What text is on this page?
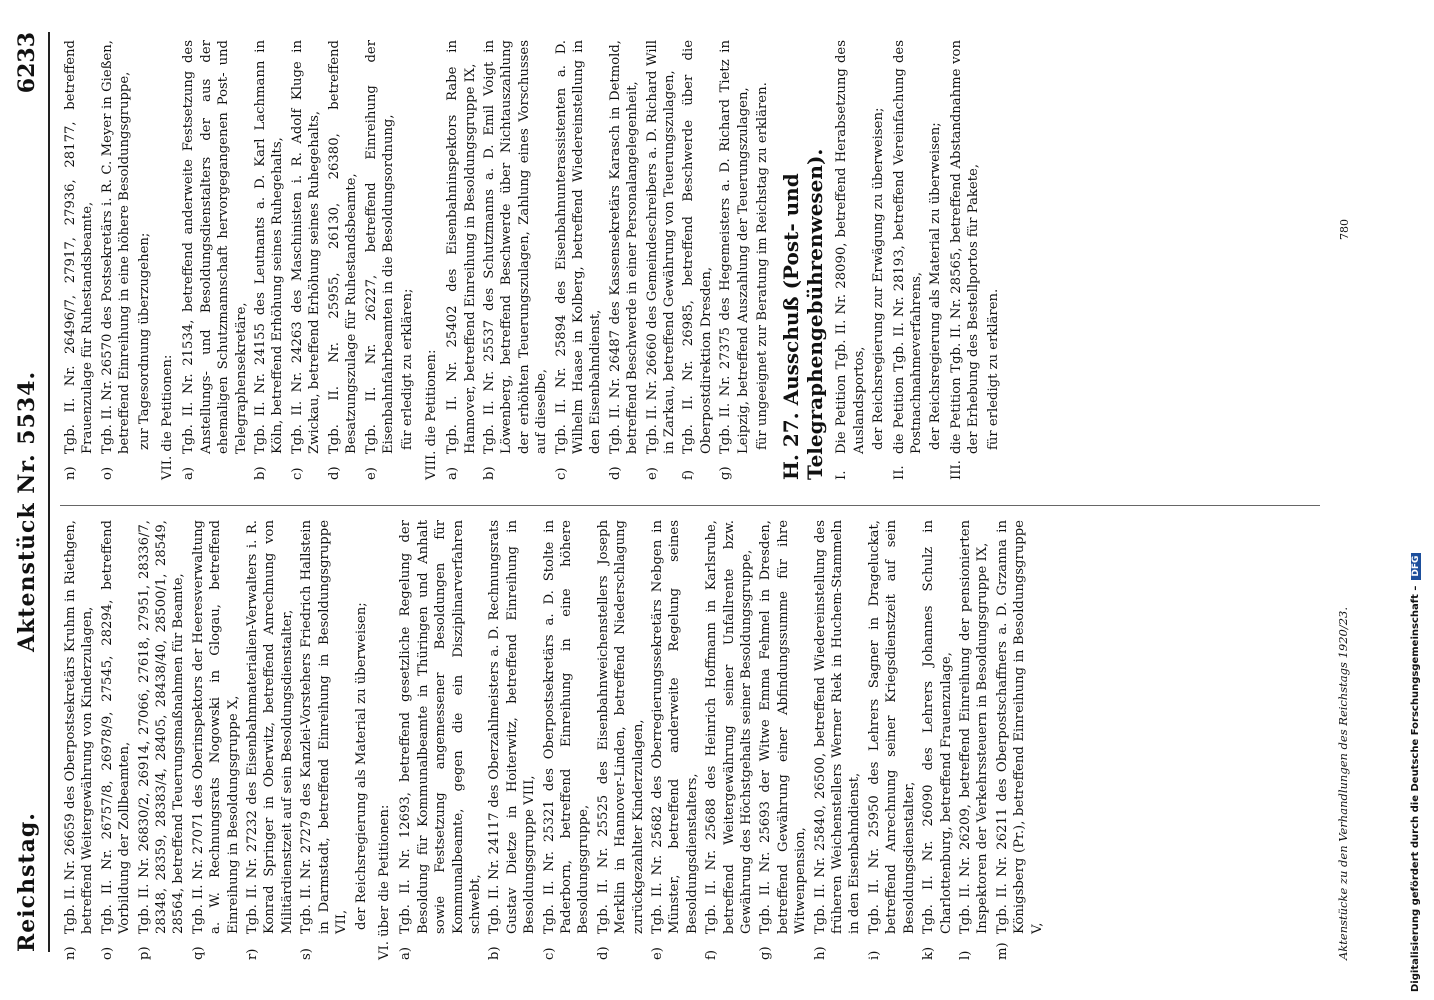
Reichstag.
Aktenstück Nr. 5534.
6233
n)
Tgb. II. Nr. 26659 des Oberpostsekretärs Kruhm in Riethgen, betreffend Weitergewährung von Kinderzulagen,
o)
Tgb. II. Nr. 26757/8, 26978/9, 27545, 28294, betreffend Vorbildung der Zollbeamten,
p)
Tgb. II. Nr. 26830/2, 26914, 27066, 27618, 27951, 28336/7, 28348, 28359, 28383/4, 28405, 28438/40, 28500/1, 28549, 28564, betreffend Teuerungsmaßnahmen für Beamte,
q)
Tgb. II. Nr. 27071 des Oberinspektors der Heeresverwaltung a. W. Rechnungsrats Nogowski in Glogau, betreffend Einreihung in Besoldungsgruppe X,
r)
Tgb. II. Nr. 27232 des Eisenbahnmaterialien-Verwalters i. R. Konrad Springer in Oberwitz, betreffend Anrechnung von Militärdienstzeit auf sein Besoldungsdienstalter,
s)
Tgb. II. Nr. 27279 des Kanzlei-Vorstehers Friedrich Hallstein in Darmstadt, betreffend Einreihung in Besoldungsgruppe VII, der Reichsregierung als Material zu überweisen; VI. über die Petitionen: a)
Tgb. II. Nr. 12693, betreffend gesetzliche Regelung der Besoldung für Kommunalbeamte in Thüringen und Anhalt sowie Festsetzung angemessener Besoldungen für Kommunalbeamte, gegen die ein Disziplinarverfahren schwebt,
b)
Tgb. II. Nr. 24117 des Oberzahlmeisters a. D. Rechnungsrats Gustav Dietze in Hoiterwitz, betreffend Einreihung in Besoldungsgruppe VIII,
c)
Tgb. II. Nr. 25321 des Oberpostsekretärs a. D. Stolte in Paderborn, betreffend Einreihung in eine höhere Besoldungsgruppe,
d)
Tgb. II. Nr. 25525 des Eisenbahnweichenstellers Joseph Merklin in Hannover-Linden, betreffend Niederschlagung zurückgezahlter Kinderzulagen,
e)
Tgb. II. Nr. 25682 des Oberregierungssekretärs Nebgen in Münster, betreffend anderweite Regelung seines Besoldungsdienstalters,
f)
Tgb. II. Nr. 25688 des Heinrich Hoffmann in Karlsruhe, betreffend Weitergewährung seiner Unfallrente bzw. Gewährung des Höchstgehalts seiner Besoldungsgruppe,
g)
Tgb. II. Nr. 25693 der Witwe Emma Fehmel in Dresden, betreffend Gewährung einer Abfindungssumme für ihre Witwenpension,
h)
Tgb. II. Nr. 25840, 26500, betreffend Wiedereinstellung des früheren Weichenstellers Werner Riek in Huchem-Stammeln in den Eisenbahndienst,
i)
Tgb. II. Nr. 25950 des Lehrers Sagner in Drageluckat, betreffend Anrechnung seiner Kriegsdienstzeit auf sein Besoldungsdienstalter,
k)
Tgb. II. Nr. 26090 des Lehrers Johannes Schulz in Charlottenburg, betreffend Frauenzulage,
l)
Tgb. II. Nr. 26209, betreffend Einreihung der pensionierten Inspektoren der Verkehrssteuern in Besoldungsgruppe IX,
m)
Tgb. II. Nr. 26211 des Oberpostschaffners a. D. Grzanna in Königsberg (Pr.), betreffend Einreihung in Besoldungsgruppe V,
n)
Tgb. II. Nr. 26496/7, 27917, 27936, 28177, betreffend Frauenzulage für Ruhestandsbeamte,
o)
Tgb. II. Nr. 26570 des Postsekretärs i. R. C. Meyer in Gießen, betreffend Einreihung in eine höhere Besoldungsgruppe, zur Tagesordnung überzugehen; VII. die Petitionen: a)
Tgb. II. Nr. 21534, betreffend anderweite Festsetzung des Anstellungs- und Besoldungsdienstalters der aus der ehemaligen Schutzmannschaft hervorgegangenen Post- und Telegraphensekretäre,
b)
Tgb. II. Nr. 24155 des Leutnants a. D. Karl Lachmann in Köln, betreffend Erhöhung seines Ruhegehalts,
c)
Tgb. II. Nr. 24263 des Maschinisten i. R. Adolf Kluge in Zwickau, betreffend Erhöhung seines Ruhegehalts,
d)
Tgb. II. Nr. 25955, 26130, 26380, betreffend Besatzungszulage für Ruhestandsbeamte,
e)
Tgb. II. Nr. 26227, betreffend Einreihung der Eisenbahnfahrbeamten in die Besoldungsordnung, für erledigt zu erklären; VIII. die Petitionen: a)
Tgb. II. Nr. 25402 des Eisenbahninspektors Rabe in Hannover, betreffend Einreihung in Besoldungsgruppe IX,
b)
Tgb. II. Nr. 25537 des Schutzmanns a. D. Emil Voigt in Löwenberg, betreffend Beschwerde über Nichtauszahlung der erhöhten Teuerungszulagen, Zahlung eines Vorschusses auf dieselbe,
c)
Tgb. II. Nr. 25894 des Eisenbahnunterassistenten a. D. Wilhelm Haase in Kolberg, betreffend Wiedereinstellung in den Eisenbahndienst,
d)
Tgb. II. Nr. 26487 des Kassensekretärs Karasch in Detmold, betreffend Beschwerde in einer Personalangelegenheit,
e)
Tgb. II. Nr. 26660 des Gemeindeschreibers a. D. Richard Will in Zarkau, betreffend Gewährung von Teuerungszulagen,
f)
Tgb. II. Nr. 26985, betreffend Beschwerde über die Oberpostdirektion Dresden,
g)
Tgb. II. Nr. 27375 des Hegemeisters a. D. Richard Tietz in Leipzig, betreffend Auszahlung der Teuerungszulagen, für ungeeignet zur Beratung im Reichstag zu erklären. H. 27. Ausschuß (Post- und Telegraphengebührenwesen). I.
Die Petition Tgb. II. Nr. 28090, betreffend Herabsetzung des Auslandsportos, der Reichsregierung zur Erwägung zu überweisen;
II.
die Petition Tgb. II. Nr. 28193, betreffend Vereinfachung des Postnachnahmeverfahrens, der Reichsregierung als Material zu überweisen;
III.
die Petition Tgb. II. Nr. 28565, betreffend Abstandnahme von der Erhebung des Bestellportos für Pakete, für erledigt zu erklären.
Aktenstücke zu den Verhandlungen des Reichstags 1920/23.
780
Digitalisierung gefördert durch die Deutsche Forschungsgemeinschaft –
DFG
